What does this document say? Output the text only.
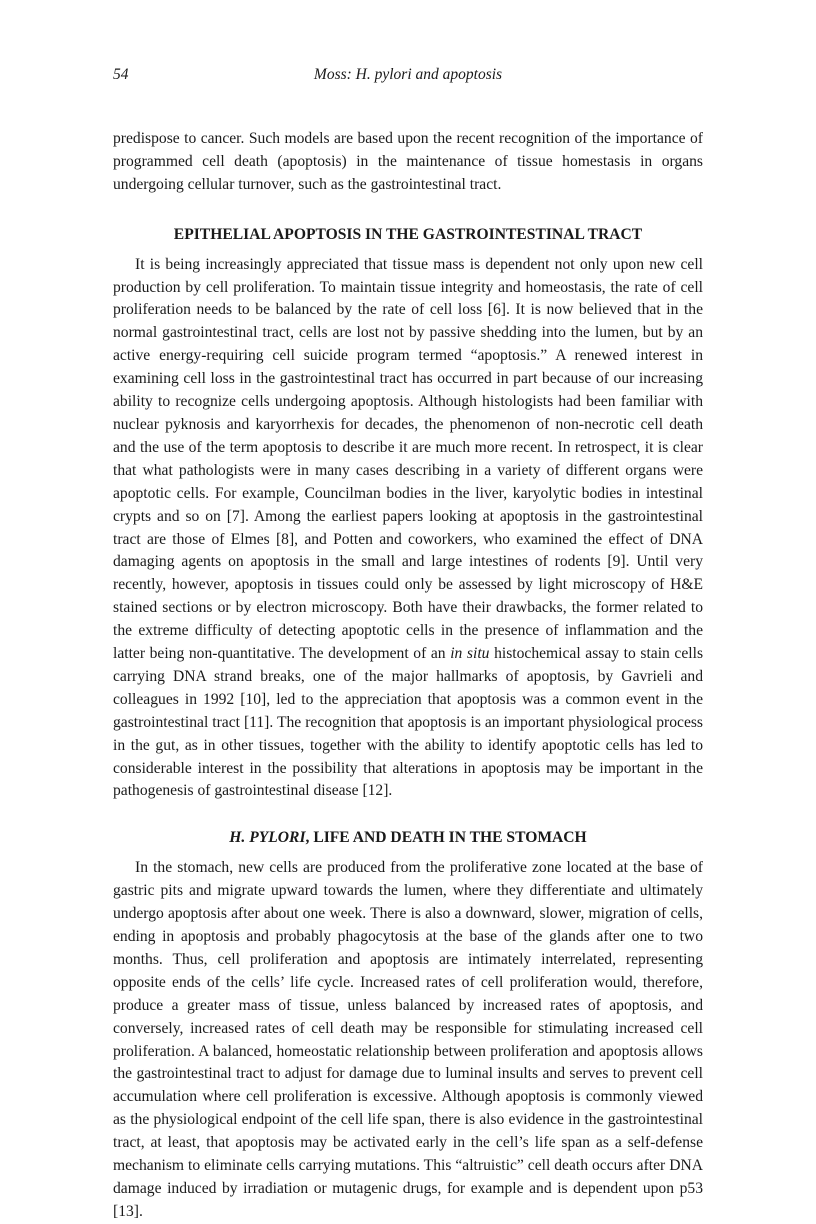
54	Moss: H. pylori and apoptosis

predispose to cancer. Such models are based upon the recent recognition of the importance of programmed cell death (apoptosis) in the maintenance of tissue homestasis in organs undergoing cellular turnover, such as the gastrointestinal tract.

EPITHELIAL APOPTOSIS IN THE GASTROINTESTINAL TRACT

It is being increasingly appreciated that tissue mass is dependent not only upon new cell production by cell proliferation. To maintain tissue integrity and homeostasis, the rate of cell proliferation needs to be balanced by the rate of cell loss [6]. It is now believed that in the normal gastrointestinal tract, cells are lost not by passive shedding into the lumen, but by an active energy-requiring cell suicide program termed “apoptosis.” A renewed interest in examining cell loss in the gastrointestinal tract has occurred in part because of our increasing ability to recognize cells undergoing apoptosis. Although histologists had been familiar with nuclear pyknosis and karyorrhexis for decades, the phenomenon of non-necrotic cell death and the use of the term apoptosis to describe it are much more recent. In retrospect, it is clear that what pathologists were in many cases describing in a variety of different organs were apoptotic cells. For example, Councilman bodies in the liver, karyolytic bodies in intestinal crypts and so on [7]. Among the earliest papers looking at apoptosis in the gastrointestinal tract are those of Elmes [8], and Potten and coworkers, who examined the effect of DNA damaging agents on apoptosis in the small and large intestines of rodents [9]. Until very recently, however, apoptosis in tissues could only be assessed by light microscopy of H&E stained sections or by electron microscopy. Both have their drawbacks, the former related to the extreme difficulty of detecting apoptotic cells in the presence of inflammation and the latter being non-quantitative. The development of an in situ histochemical assay to stain cells carrying DNA strand breaks, one of the major hallmarks of apoptosis, by Gavrieli and colleagues in 1992 [10], led to the appreciation that apoptosis was a common event in the gastrointestinal tract [11]. The recognition that apoptosis is an important physiological process in the gut, as in other tissues, together with the ability to identify apoptotic cells has led to considerable interest in the possibility that alterations in apoptosis may be important in the pathogenesis of gastrointestinal disease [12].

H. PYLORI, LIFE AND DEATH IN THE STOMACH

In the stomach, new cells are produced from the proliferative zone located at the base of gastric pits and migrate upward towards the lumen, where they differentiate and ultimately undergo apoptosis after about one week. There is also a downward, slower, migration of cells, ending in apoptosis and probably phagocytosis at the base of the glands after one to two months. Thus, cell proliferation and apoptosis are intimately interrelated, representing opposite ends of the cells’ life cycle. Increased rates of cell proliferation would, therefore, produce a greater mass of tissue, unless balanced by increased rates of apoptosis, and conversely, increased rates of cell death may be responsible for stimulating increased cell proliferation. A balanced, homeostatic relationship between proliferation and apoptosis allows the gastrointestinal tract to adjust for damage due to luminal insults and serves to prevent cell accumulation where cell proliferation is excessive. Although apoptosis is commonly viewed as the physiological endpoint of the cell life span, there is also evidence in the gastrointestinal tract, at least, that apoptosis may be activated early in the cell’s life span as a self-defense mechanism to eliminate cells carrying mutations. This “altruistic” cell death occurs after DNA damage induced by irradiation or mutagenic drugs, for example and is dependent upon p53 [13].
